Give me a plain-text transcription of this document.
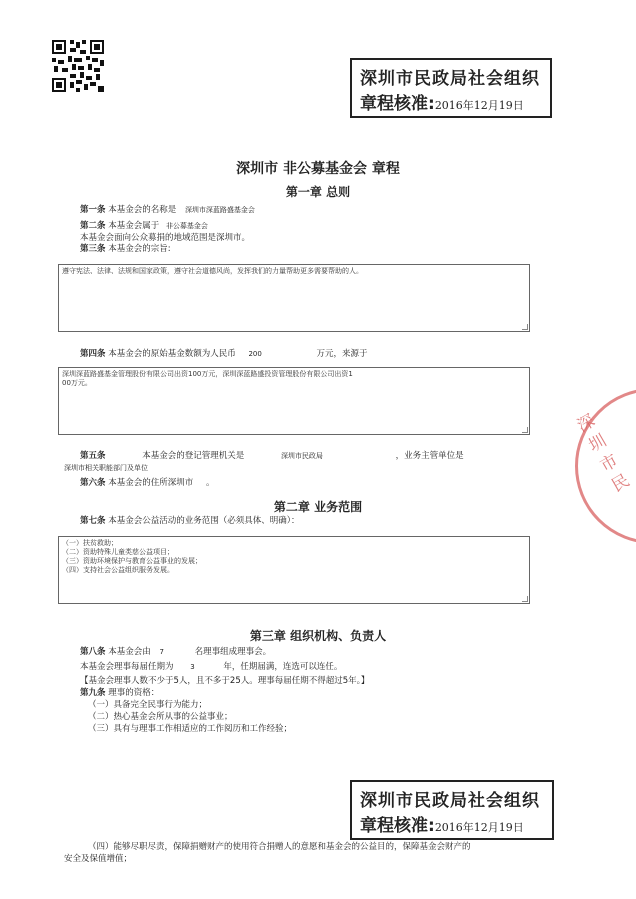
深圳市民政局社会组织
章程核准:2016年12月19日
深圳市 非公募基金会 章程
第一章 总则
第一条 本基金会的名称是 深圳市深蓝路盛基金会
第二条 本基金会属于 非公募基金会
本基金会面向公众募捐的地域范围是深圳市。
第三条 本基金会的宗旨:
遵守宪法、法律、法规和国家政策，遵守社会道德风尚，发挥我们的力量帮助更多需要帮助的人。
第四条 本基金会的原始基金数额为人民币 200	万元，来源于
深圳深蓝路盛基金管理股份有限公司出资100万元，深圳深蓝路盛投资管理股份有限公司出资1
00万元。
第五条	本基金会的登记管理机关是	深圳市民政局	，业务主管单位是
深圳市相关职能部门及单位
第六条 本基金会的住所深圳市 。
第二章 业务范围
第七条 本基金会公益活动的业务范围（必须具体、明确）：
（一）扶贫救助；
（二）资助特殊儿童类慈公益项目；
（三）资助环境保护与教育公益事业的发展；
（四）支持社会公益组织服务发展。
第三章 组织机构、负责人
第八条 本基金会由 7	名理事组成理事会。
本基金会理事每届任期为 3	年，任期届满，连选可以连任。
【基金会理事人数不少于5人，且不多于25人。理事每届任期不得超过5年。】
第九条 理事的资格：
（一）具备完全民事行为能力；
（二）热心基金会所从事的公益事业；
（三）具有与理事工作相适应的工作阅历和工作经验；
深圳市民政局社会组织
章程核准:2016年12月19日
（四）能够尽职尽责，保障捐赠财产的使用符合捐赠人的意愿和基金会的公益目的，保障基金会财产的
安全及保值增值；
深圳市民
